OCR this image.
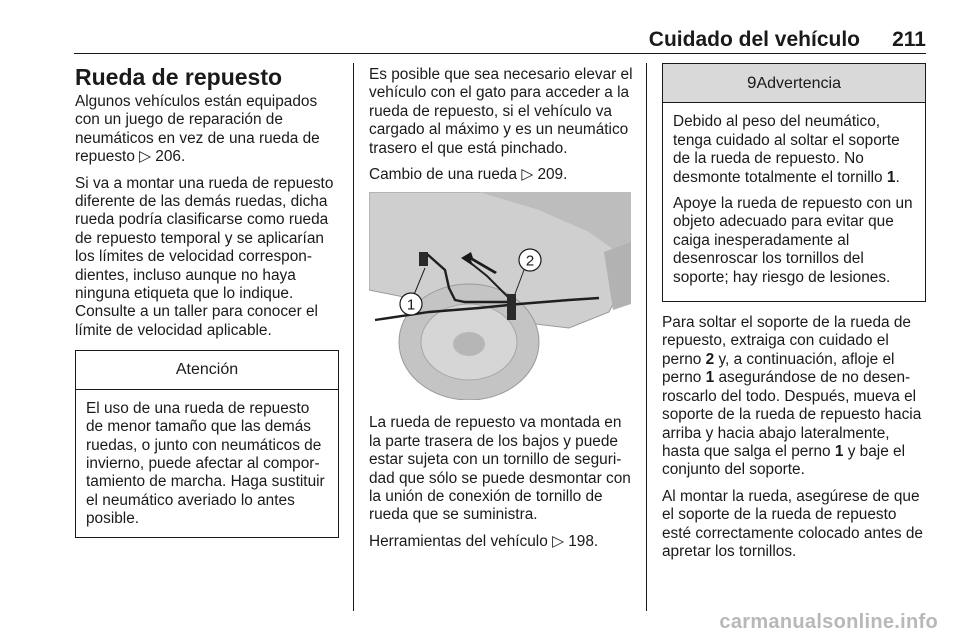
Cuidado del vehículo 211
Rueda de repuesto

Algunos vehículos están equipados con un juego de reparación de neumáticos en vez de una rueda de repuesto ▷ 206.

Si va a montar una rueda de repuesto diferente de las demás ruedas, dicha rueda podría clasificarse como rueda de repuesto temporal y se aplicarían los límites de velocidad correspondientes, incluso aunque no haya ninguna etiqueta que lo indique. Consulte a un taller para conocer el límite de velocidad aplicable.

Atención

El uso de una rueda de repuesto de menor tamaño que las demás ruedas, o junto con neumáticos de invierno, puede afectar al comportamiento de marcha. Haga sustituir el neumático averiado lo antes posible.

Es posible que sea necesario elevar el vehículo con el gato para acceder a la rueda de repuesto, si el vehículo va cargado al máximo y es un neumático trasero el que está pinchado.

Cambio de una rueda ▷ 209.

1
2

La rueda de repuesto va montada en la parte trasera de los bajos y puede estar sujeta con un tornillo de seguridad que sólo se puede desmontar con la unión de conexión de tornillo de rueda que se suministra.

Herramientas del vehículo ▷ 198.

9Advertencia

Debido al peso del neumático, tenga cuidado al soltar el soporte de la rueda de repuesto. No desmonte totalmente el tornillo 1.

Apoye la rueda de repuesto con un objeto adecuado para evitar que caiga inesperadamente al desenroscar los tornillos del soporte; hay riesgo de lesiones.

Para soltar el soporte de la rueda de repuesto, extraiga con cuidado el perno 2 y, a continuación, afloje el perno 1 asegurándose de no desenroscarlo del todo. Después, mueva el soporte de la rueda de repuesto hacia arriba y hacia abajo lateralmente, hasta que salga el perno 1 y baje el conjunto del soporte.

Al montar la rueda, asegúrese de que el soporte de la rueda de repuesto esté correctamente colocado antes de apretar los tornillos.

carmanualsonline.info
